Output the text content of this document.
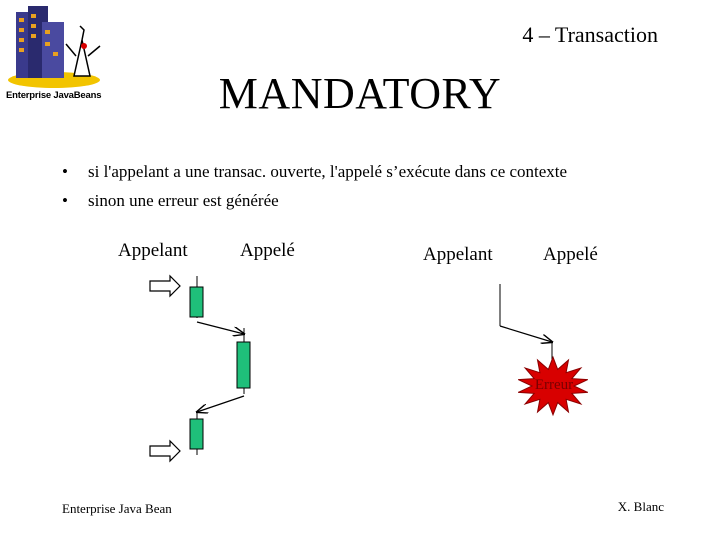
Enterprise JavaBeans
4 – Transaction
MANDATORY
• si l'appelant a une transac. ouverte, l'appelé s’exécute dans ce contexte
• sinon une erreur est générée
Appelant	Appelé	Appelant	Appelé
Erreur
Enterprise Java Bean	X. Blanc
